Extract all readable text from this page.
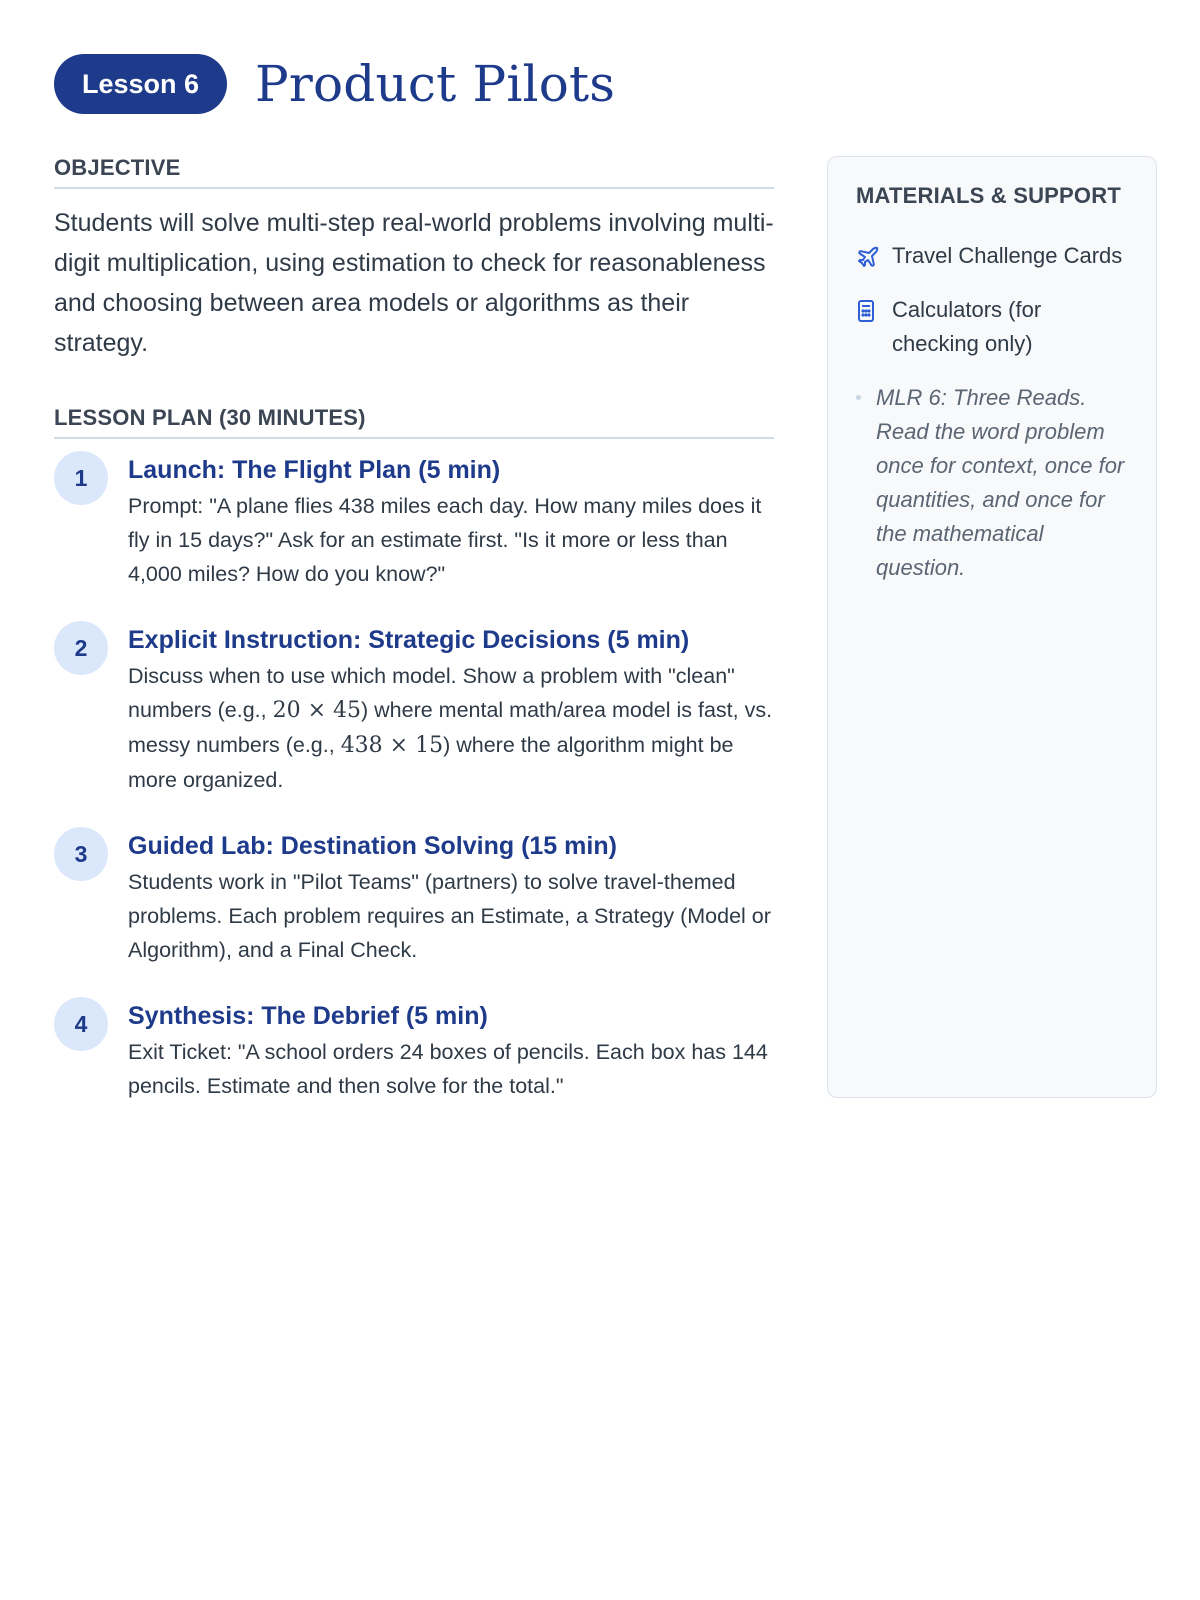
Lesson 6	Product Pilots
OBJECTIVE

Students will solve multi-step real-world problems involving multi-digit multiplication, using estimation to check for reasonableness and choosing between area models or algorithms as their strategy.

LESSON PLAN (30 MINUTES)
1	Launch: The Flight Plan (5 min)
Prompt: "A plane flies 438 miles each day. How many miles does it fly in 15 days?" Ask for an estimate first. "Is it more or less than 4,000 miles? How do you know?"
2	Explicit Instruction: Strategic Decisions (5 min)
Discuss when to use which model. Show a problem with "clean" numbers (e.g., 20 × 45) where mental math/area model is fast, vs. messy numbers (e.g., 438 × 15) where the algorithm might be more organized.
3	Guided Lab: Destination Solving (15 min)
Students work in "Pilot Teams" (partners) to solve travel-themed problems. Each problem requires an Estimate, a Strategy (Model or Algorithm), and a Final Check.
4	Synthesis: The Debrief (5 min)
Exit Ticket: "A school orders 24 boxes of pencils. Each box has 144 pencils. Estimate and then solve for the total."
MATERIALS & SUPPORT
Travel Challenge Cards
Calculators (for checking only)
MLR 6: Three Reads. Read the word problem once for context, once for quantities, and once for the mathematical question.
